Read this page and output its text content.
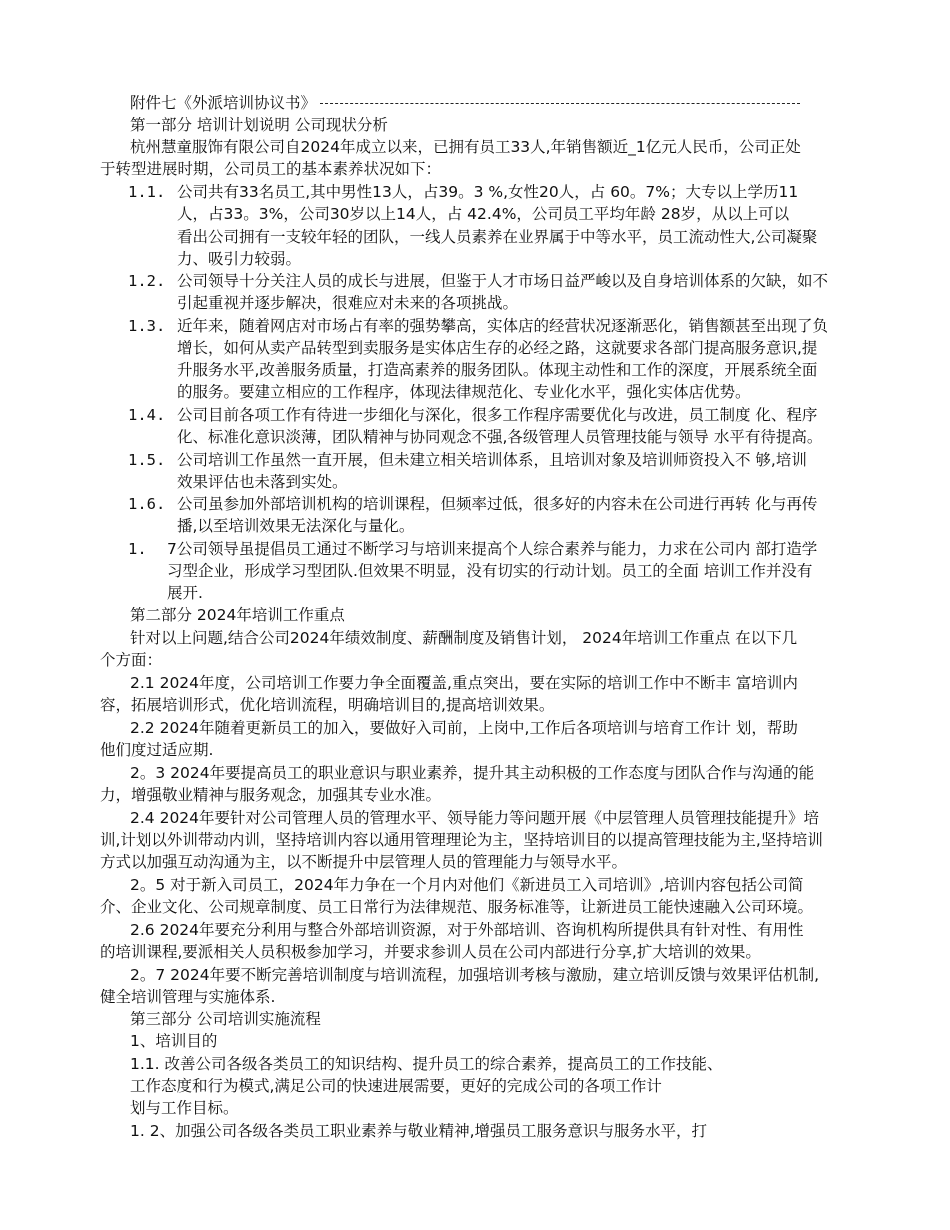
附件七《外派培训协议书》
第一部分 培训计划说明 公司现状分析
杭州慧童服饰有限公司自2024年成立以来，已拥有员工33人,年销售额近_1亿元人民币，公司正处
于转型进展时期，公司员工的基本素养状况如下：
1.1. 公司共有33名员工,其中男性13人，占39。3 %,女性20人，占 60。7%；大专以上学历11
人，占33。3%，公司30岁以上14人，占 42.4%，公司员工平均年龄 28岁，从以上可以
看出公司拥有一支较年轻的团队，一线人员素养在业界属于中等水平，员工流动性大,公司凝聚
力、吸引力较弱。
1.2. 公司领导十分关注人员的成长与进展，但鉴于人才市场日益严峻以及自身培训体系的欠缺，如不
引起重视并逐步解决，很难应对未来的各项挑战。
1.3. 近年来，随着网店对市场占有率的强势攀高，实体店的经营状况逐渐恶化，销售额甚至出现了负
增长，如何从卖产品转型到卖服务是实体店生存的必经之路，这就要求各部门提高服务意识,提
升服务水平,改善服务质量，打造高素养的服务团队。体现主动性和工作的深度，开展系统全面
的服务。要建立相应的工作程序，体现法律规范化、专业化水平，强化实体店优势。
1.4. 公司目前各项工作有待进一步细化与深化，很多工作程序需要优化与改进，员工制度 化、程序
化、标准化意识淡薄，团队精神与协同观念不强,各级管理人员管理技能与领导 水平有待提高。
1.5. 公司培训工作虽然一直开展，但未建立相关培训体系，且培训对象及培训师资投入不 够,培训
效果评估也未落到实处。
1.6. 公司虽参加外部培训机构的培训课程，但频率过低，很多好的内容未在公司进行再转 化与再传
播,以至培训效果无法深化与量化。
1. 7公司领导虽提倡员工通过不断学习与培训来提高个人综合素养与能力，力求在公司内 部打造学
习型企业，形成学习型团队.但效果不明显，没有切实的行动计划。员工的全面 培训工作并没有
展开.
第二部分 2024年培训工作重点
针对以上问题,结合公司2024年绩效制度、薪酬制度及销售计划， 2024年培训工作重点 在以下几
个方面：
2.1 2024年度，公司培训工作要力争全面覆盖,重点突出，要在实际的培训工作中不断丰 富培训内
容，拓展培训形式，优化培训流程，明确培训目的,提高培训效果。
2.2 2024年随着更新员工的加入，要做好入司前，上岗中,工作后各项培训与培育工作计 划，帮助
他们度过适应期.
2。3 2024年要提高员工的职业意识与职业素养，提升其主动积极的工作态度与团队合作与沟通的能
力，增强敬业精神与服务观念，加强其专业水准。
2.4 2024年要针对公司管理人员的管理水平、领导能力等问题开展《中层管理人员管理技能提升》培
训,计划以外训带动内训，坚持培训内容以通用管理理论为主，坚持培训目的以提高管理技能为主,坚持培训
方式以加强互动沟通为主，以不断提升中层管理人员的管理能力与领导水平。
2。5 对于新入司员工，2024年力争在一个月内对他们《新进员工入司培训》,培训内容包括公司简
介、企业文化、公司规章制度、员工日常行为法律规范、服务标准等，让新进员工能快速融入公司环境。
2.6 2024年要充分利用与整合外部培训资源，对于外部培训、咨询机构所提供具有针对性、有用性
的培训课程,要派相关人员积极参加学习，并要求参训人员在公司内部进行分享,扩大培训的效果。
2。7 2024年要不断完善培训制度与培训流程，加强培训考核与激励，建立培训反馈与效果评估机制,
健全培训管理与实施体系.
第三部分 公司培训实施流程
1、培训目的
1.1. 改善公司各级各类员工的知识结构、提升员工的综合素养，提高员工的工作技能、
工作态度和行为模式,满足公司的快速进展需要，更好的完成公司的各项工作计
划与工作目标。
1. 2、加强公司各级各类员工职业素养与敬业精神,增强员工服务意识与服务水平，打
